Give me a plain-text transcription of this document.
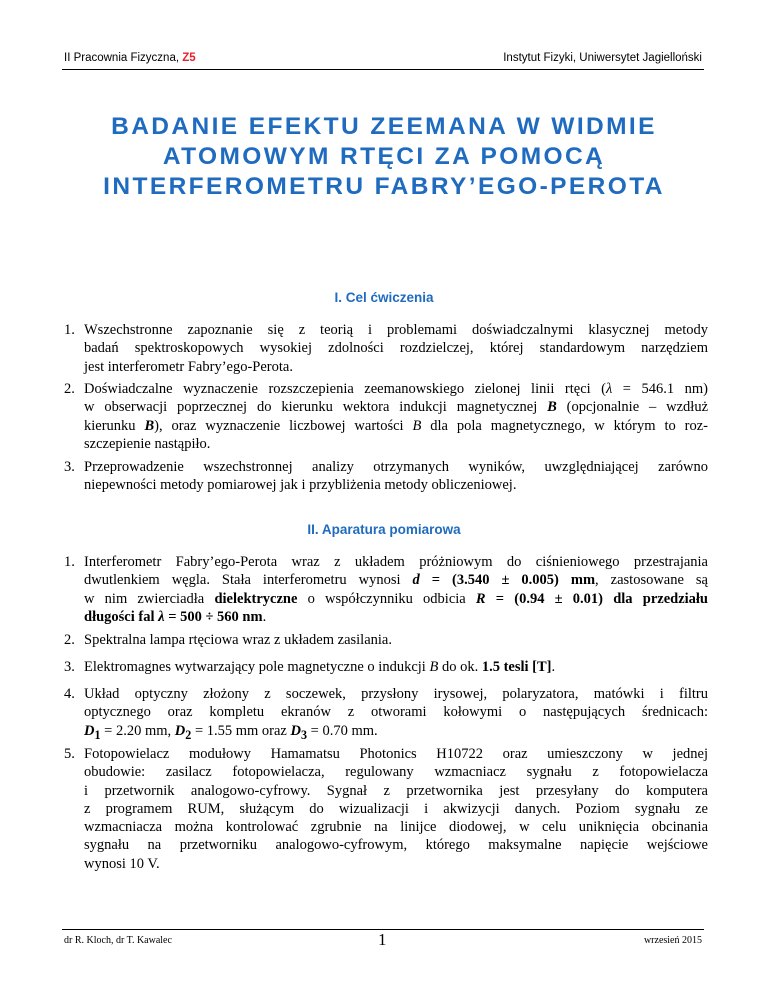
II Pracownia Fizyczna, Z5	Instytut Fizyki, Uniwersytet Jagielloński
BADANIE EFEKTU ZEEMANA W WIDMIE
ATOMOWYM RTĘCI ZA POMOCĄ
INTERFEROMETRU FABRY’EGO-PEROTA
I. Cel ćwiczenia
1. Wszechstronne zapoznanie się z teorią i problemami doświadczalnymi klasycznej metody
badań spektroskopowych wysokiej zdolności rozdzielczej, której standardowym narzędziem
jest interferometr Fabry’ego-Perota.
2. Doświadczalne wyznaczenie rozszczepienia zeemanowskiego zielonej linii rtęci (λ = 546.1 nm)
w obserwacji poprzecznej do kierunku wektora indukcji magnetycznej B (opcjonalnie – wzdłuż
kierunku B), oraz wyznaczenie liczbowej wartości B dla pola magnetycznego, w którym to roz-
szczepienie nastąpiło.
3. Przeprowadzenie wszechstronnej analizy otrzymanych wyników, uwzględniającej zarówno
niepewności metody pomiarowej jak i przybliżenia metody obliczeniowej.
II. Aparatura pomiarowa
1. Interferometr Fabry’ego-Perota wraz z układem próżniowym do ciśnieniowego przestrajania
dwutlenkiem węgla. Stała interferometru wynosi d = (3.540 ± 0.005) mm, zastosowane są
w nim zwierciadła dielektryczne o współczynniku odbicia R = (0.94 ± 0.01) dla przedziału
długości fal λ = 500 ÷ 560 nm.
2. Spektralna lampa rtęciowa wraz z układem zasilania.
3. Elektromagnes wytwarzający pole magnetyczne o indukcji B do ok. 1.5 tesli [T].
4. Układ optyczny złożony z soczewek, przysłony irysowej, polaryzatora, matówki i filtru
optycznego oraz kompletu ekranów z otworami kołowymi o następujących średnicach:
$D_1 = 2.20$ mm, $D_2 = 1.55$ mm oraz $D_3 = 0.70$ mm.
5. Fotopowielacz modułowy Hamamatsu Photonics H10722 oraz umieszczony w jednej
obudowie: zasilacz fotopowielacza, regulowany wzmacniacz sygnału z fotopowielacza
i przetwornik analogowo-cyfrowy. Sygnał z przetwornika jest przesyłany do komputera
z programem RUM, służącym do wizualizacji i akwizycji danych. Poziom sygnału ze
wzmacniacza można kontrolować zgrubnie na linijce diodowej, w celu uniknięcia obcinania
sygnału na przetworniku analogowo-cyfrowym, którego maksymalne napięcie wejściowe
wynosi 10 V.
dr R. Kloch, dr T. Kawalec	1	wrzesień 2015
